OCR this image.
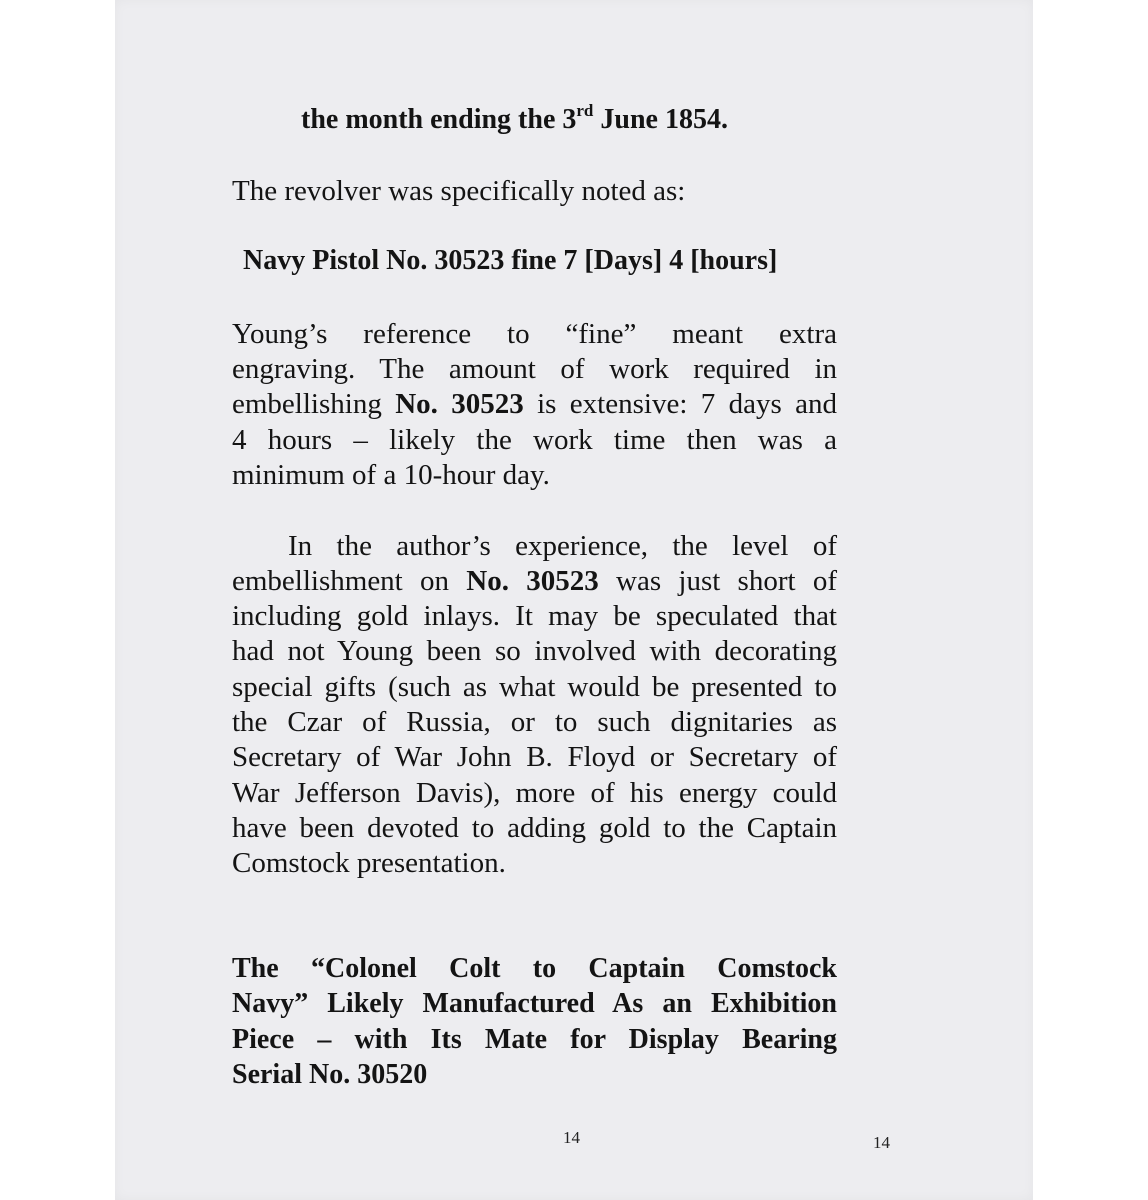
the month ending the 3rd June 1854.
The revolver was specifically noted as:
Navy Pistol No. 30523 fine 7 [Days] 4 [hours]
Young’s reference to “fine” meant extra
engraving. The amount of work required in
embellishing No. 30523 is extensive: 7 days and
4 hours – likely the work time then was a
minimum of a 10-hour day.
In the author’s experience, the level of
embellishment on No. 30523 was just short of
including gold inlays. It may be speculated that
had not Young been so involved with decorating
special gifts (such as what would be presented to
the Czar of Russia, or to such dignitaries as
Secretary of War John B. Floyd or Secretary of
War Jefferson Davis), more of his energy could
have been devoted to adding gold to the Captain
Comstock presentation.
The “Colonel Colt to Captain Comstock
Navy” Likely Manufactured As an Exhibition
Piece – with Its Mate for Display Bearing
Serial No. 30520
14	14
